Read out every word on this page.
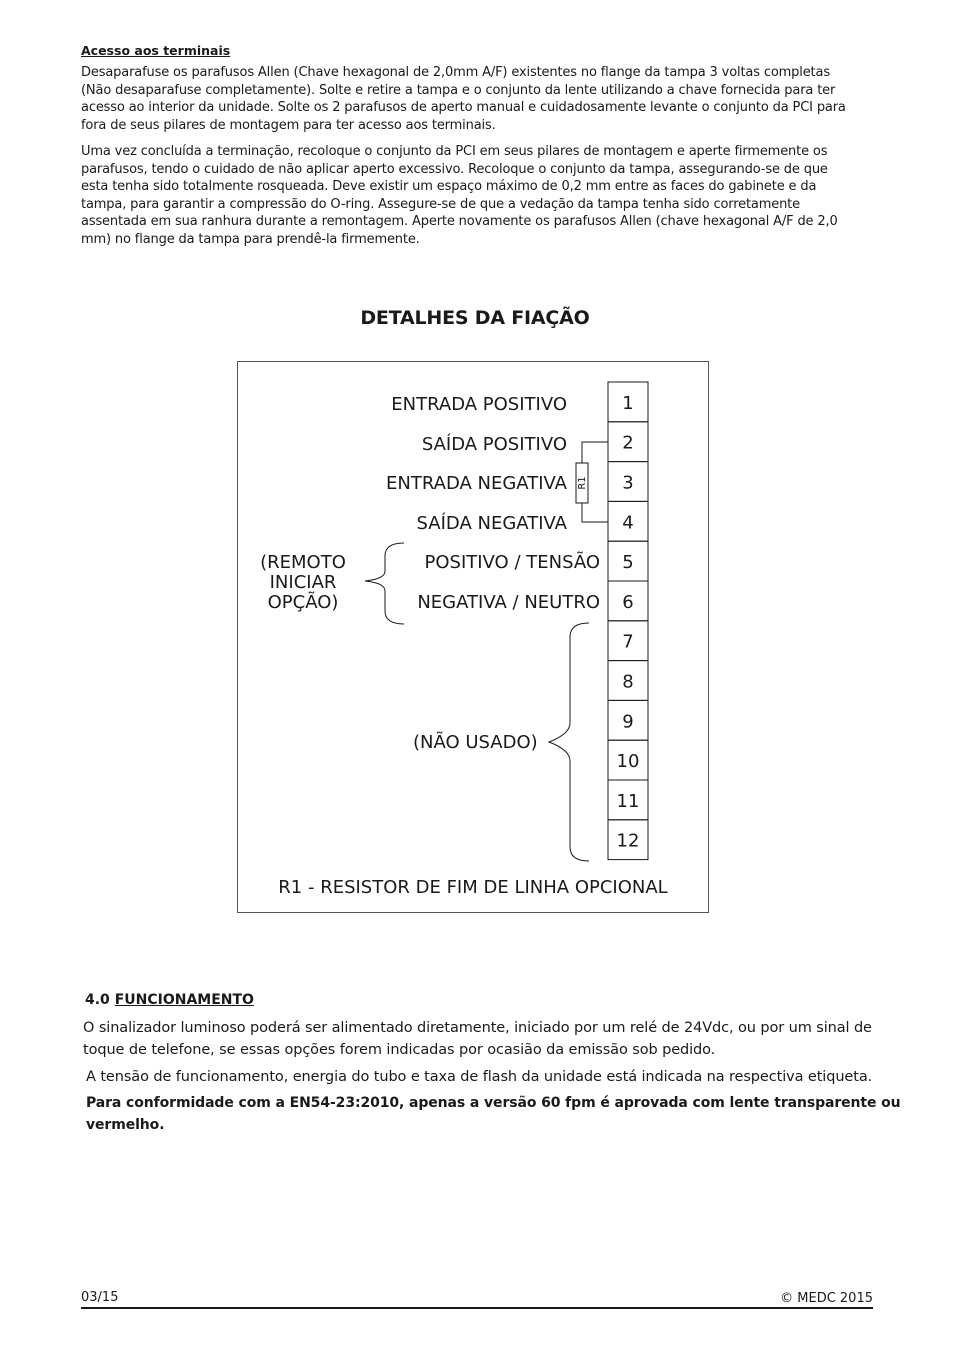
Acesso aos terminais

Desaparafuse os parafusos Allen (Chave hexagonal de 2,0mm A/F) existentes no flange da tampa 3 voltas completas (Não desaparafuse completamente). Solte e retire a tampa e o conjunto da lente utilizando a chave fornecida para ter acesso ao interior da unidade. Solte os 2 parafusos de aperto manual e cuidadosamente levante o conjunto da PCI para fora de seus pilares de montagem para ter acesso aos terminais.

Uma vez concluída a terminação, recoloque o conjunto da PCI em seus pilares de montagem e aperte firmemente os parafusos, tendo o cuidado de não aplicar aperto excessivo. Recoloque o conjunto da tampa, assegurando-se de que esta tenha sido totalmente rosqueada. Deve existir um espaço máximo de 0,2 mm entre as faces do gabinete e da tampa, para garantir a compressão do O-ring. Assegure-se de que a vedação da tampa tenha sido corretamente assentada em sua ranhura durante a remontagem. Aperte novamente os parafusos Allen (chave hexagonal A/F de 2,0 mm) no flange da tampa para prendê-la firmemente.

DETALHES DA FIAÇÃO
1
2
3
4
5
6
7
8
9
10
11
12
ENTRADA POSITIVO
SAÍDA POSITIVO
ENTRADA NEGATIVA
SAÍDA NEGATIVA
POSITIVO / TENSÃO
NEGATIVA / NEUTRO
R1
(REMOTO
INICIAR
OPÇÃO)
(NÃO USADO)
R1 - RESISTOR DE FIM DE LINHA OPCIONAL
4.0 FUNCIONAMENTO

O sinalizador luminoso poderá ser alimentado diretamente, iniciado por um relé de 24Vdc, ou por um sinal de toque de telefone, se essas opções forem indicadas por ocasião da emissão sob pedido.

A tensão de funcionamento, energia do tubo e taxa de flash da unidade está indicada na respectiva etiqueta.

Para conformidade com a EN54-23:2010, apenas a versão 60 fpm é aprovada com lente transparente ou vermelho.

03/15	© MEDC 2015
